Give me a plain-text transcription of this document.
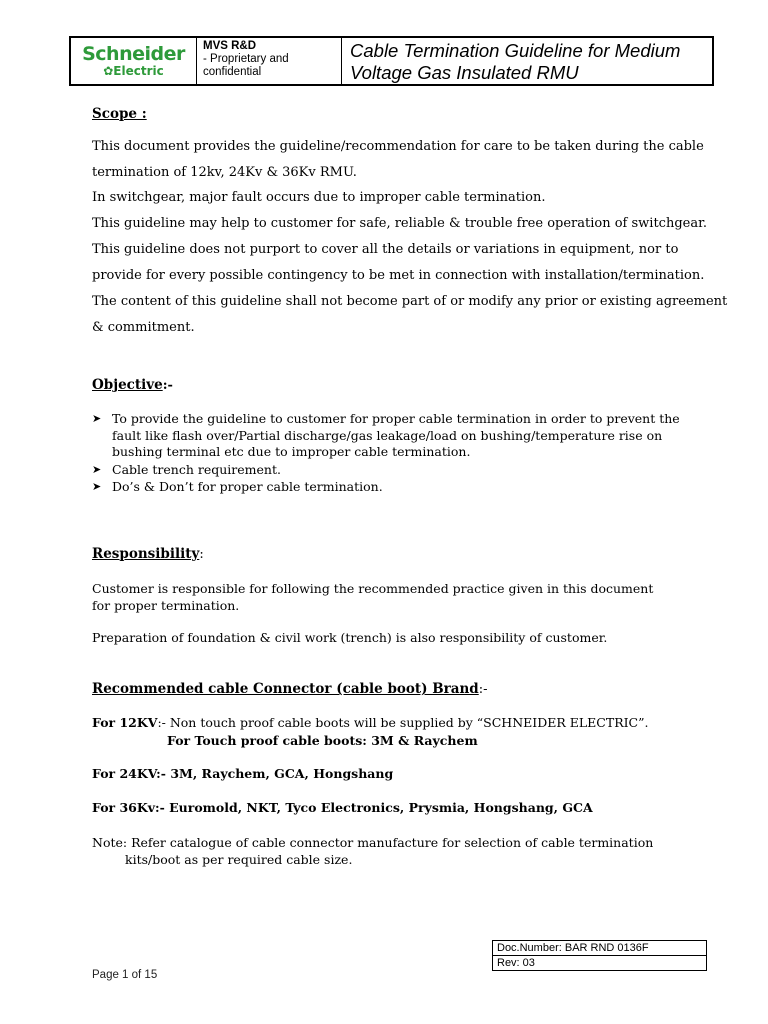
Schneider
✿Electric
MVS R&D
- Proprietary and confidential
Cable Termination Guideline for Medium Voltage Gas Insulated RMU
Scope :
This document provides the guideline/recommendation for care to be taken during the cable
termination of 12kv, 24Kv & 36Kv RMU.
In switchgear, major fault occurs due to improper cable termination.
This guideline may help to customer for safe, reliable & trouble free operation of switchgear.
This guideline does not purport to cover all the details or variations in equipment, nor to
provide for every possible contingency to be met in connection with installation/termination.
The content of this guideline shall not become part of or modify any prior or existing agreement
& commitment.
Objective:-
➤ To provide the guideline to customer for proper cable termination in order to prevent the fault like flash over/Partial discharge/gas leakage/load on bushing/temperature rise on bushing terminal etc due to improper cable termination.
➤ Cable trench requirement.
➤ Do’s & Don’t for proper cable termination.
Responsibility:
Customer is responsible for following the recommended practice given in this document for proper termination.
Preparation of foundation & civil work (trench) is also responsibility of customer.
Recommended cable Connector (cable boot) Brand:-
For 12KV:- Non touch proof cable boots will be supplied by “SCHNEIDER ELECTRIC”.
For Touch proof cable boots: 3M & Raychem
For 24KV:- 3M, Raychem, GCA, Hongshang
For 36Kv:- Euromold, NKT, Tyco Electronics, Prysmia, Hongshang, GCA
Note: Refer catalogue of cable connector manufacture for selection of cable termination
kits/boot as per required cable size.
Doc.Number: BAR RND 0136F
Rev: 03
Page 1 of 15
